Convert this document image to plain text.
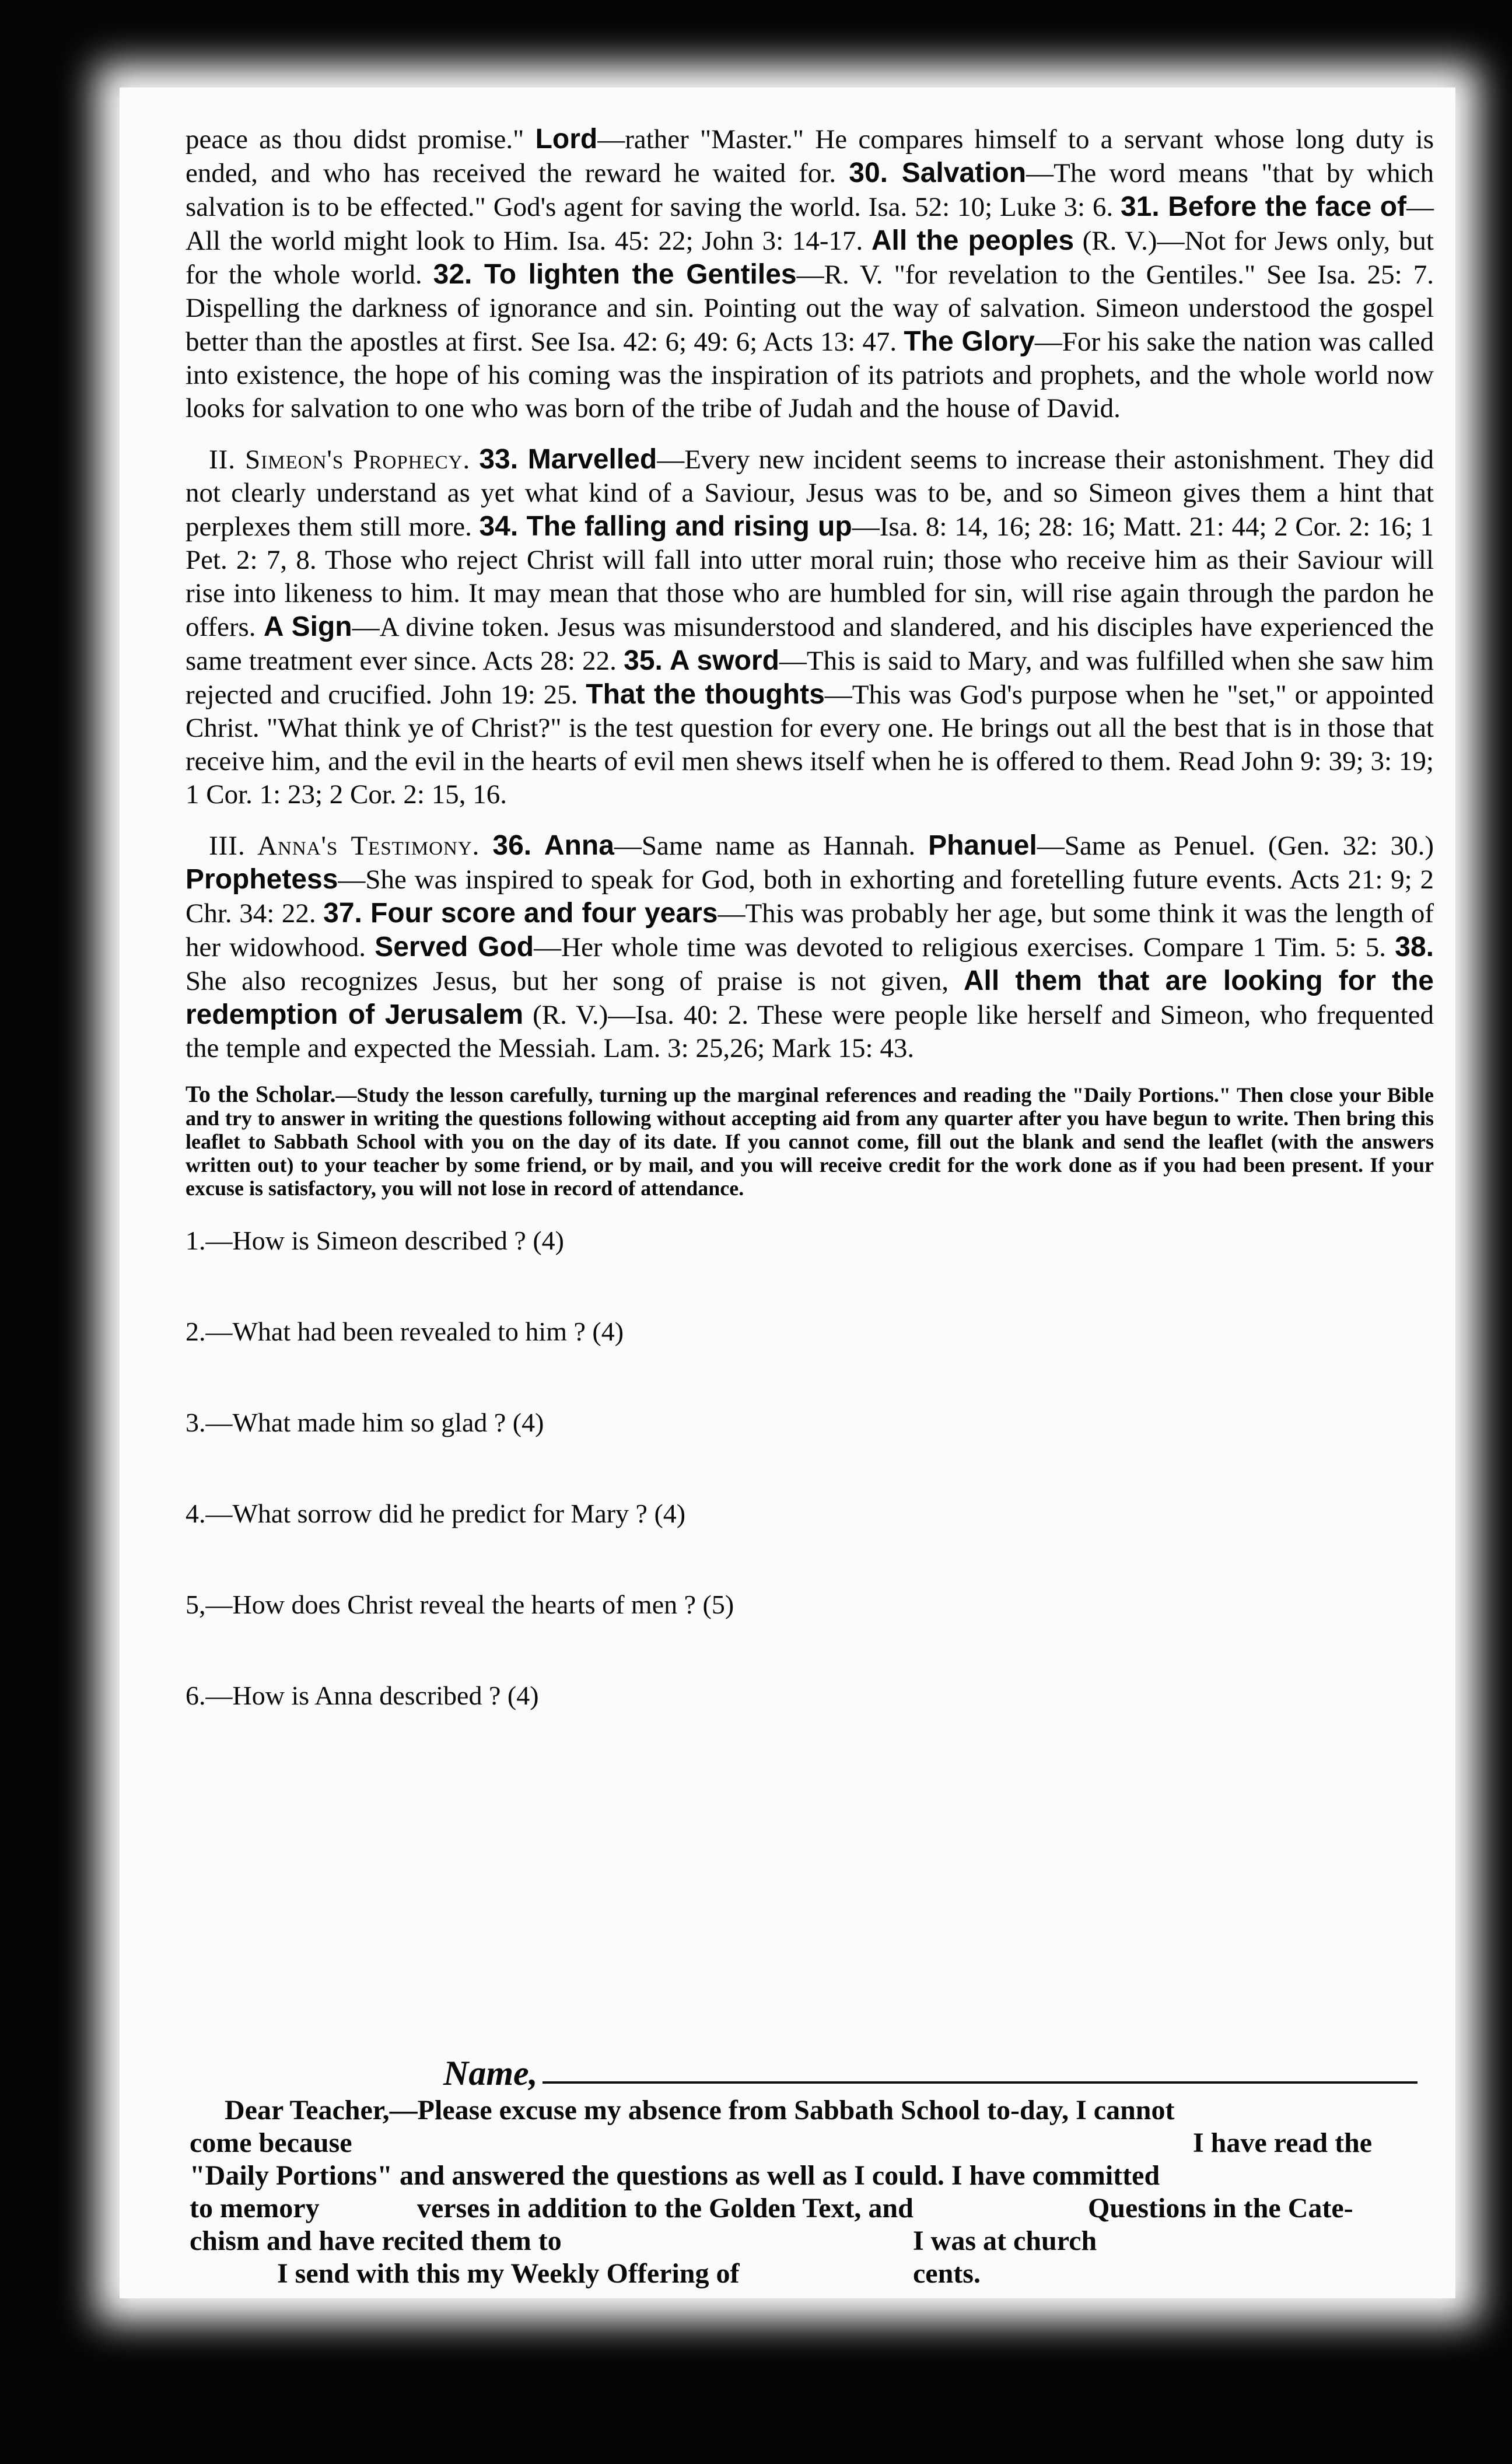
peace as thou didst promise." Lord—rather "Master." He compares himself to a servant whose long duty is ended, and who has received the reward he waited for. 30. Salvation—The word means "that by which salvation is to be effected." God's agent for saving the world. Isa. 52: 10; Luke 3: 6. 31. Before the face of—All the world might look to Him. Isa. 45: 22; John 3: 14-17. All the peoples (R. V.)—Not for Jews only, but for the whole world. 32. To lighten the Gentiles—R. V. "for revelation to the Gentiles." See Isa. 25: 7. Dispelling the darkness of ignorance and sin. Pointing out the way of salvation. Simeon understood the gospel better than the apostles at first. See Isa. 42: 6; 49: 6; Acts 13: 47. The Glory—For his sake the nation was called into existence, the hope of his coming was the inspiration of its patriots and prophets, and the whole world now looks for salvation to one who was born of the tribe of Judah and the house of David.

II. Simeon's Prophecy. 33. Marvelled—Every new incident seems to increase their astonishment. They did not clearly understand as yet what kind of a Saviour, Jesus was to be, and so Simeon gives them a hint that perplexes them still more. 34. The falling and rising up—Isa. 8: 14, 16; 28: 16; Matt. 21: 44; 2 Cor. 2: 16; 1 Pet. 2: 7, 8. Those who reject Christ will fall into utter moral ruin; those who receive him as their Saviour will rise into likeness to him. It may mean that those who are humbled for sin, will rise again through the pardon he offers. A Sign—A divine token. Jesus was misunderstood and slandered, and his disciples have experienced the same treatment ever since. Acts 28: 22. 35. A sword—This is said to Mary, and was fulfilled when she saw him rejected and crucified. John 19: 25. That the thoughts—This was God's purpose when he "set," or appointed Christ. "What think ye of Christ?" is the test question for every one. He brings out all the best that is in those that receive him, and the evil in the hearts of evil men shews itself when he is offered to them. Read John 9: 39; 3: 19; 1 Cor. 1: 23; 2 Cor. 2: 15, 16.

III. Anna's Testimony. 36. Anna—Same name as Hannah. Phanuel—Same as Penuel. (Gen. 32: 30.) Prophetess—She was inspired to speak for God, both in exhorting and foretelling future events. Acts 21: 9; 2 Chr. 34: 22. 37. Four score and four years—This was probably her age, but some think it was the length of her widowhood. Served God—Her whole time was devoted to religious exercises. Compare 1 Tim. 5: 5. 38. She also recognizes Jesus, but her song of praise is not given, All them that are looking for the redemption of Jerusalem (R. V.)—Isa. 40: 2. These were people like herself and Simeon, who frequented the temple and expected the Messiah. Lam. 3: 25,26; Mark 15: 43.

To the Scholar.—Study the lesson carefully, turning up the marginal references and reading the "Daily Portions." Then close your Bible and try to answer in writing the questions following without accepting aid from any quarter after you have begun to write. Then bring this leaflet to Sabbath School with you on the day of its date. If you cannot come, fill out the blank and send the leaflet (with the answers written out) to your teacher by some friend, or by mail, and you will receive credit for the work done as if you had been present. If your excuse is satisfactory, you will not lose in record of attendance.

1.—How is Simeon described ? (4)
2.—What had been revealed to him ? (4)
3.—What made him so glad ? (4)
4.—What sorrow did he predict for Mary ? (4)
5,—How does Christ reveal the hearts of men ? (5)
6.—How is Anna described ? (4)
Name,
Dear Teacher,—Please excuse my absence from Sabbath School to-day, I cannot
come because	I have read the
"Daily Portions" and answered the questions as well as I could. I have committed
to memory	verses in addition to the Golden Text, and	Questions in the Cate-
chism and have recited them to	I was at church
I send with this my Weekly Offering of	cents.
